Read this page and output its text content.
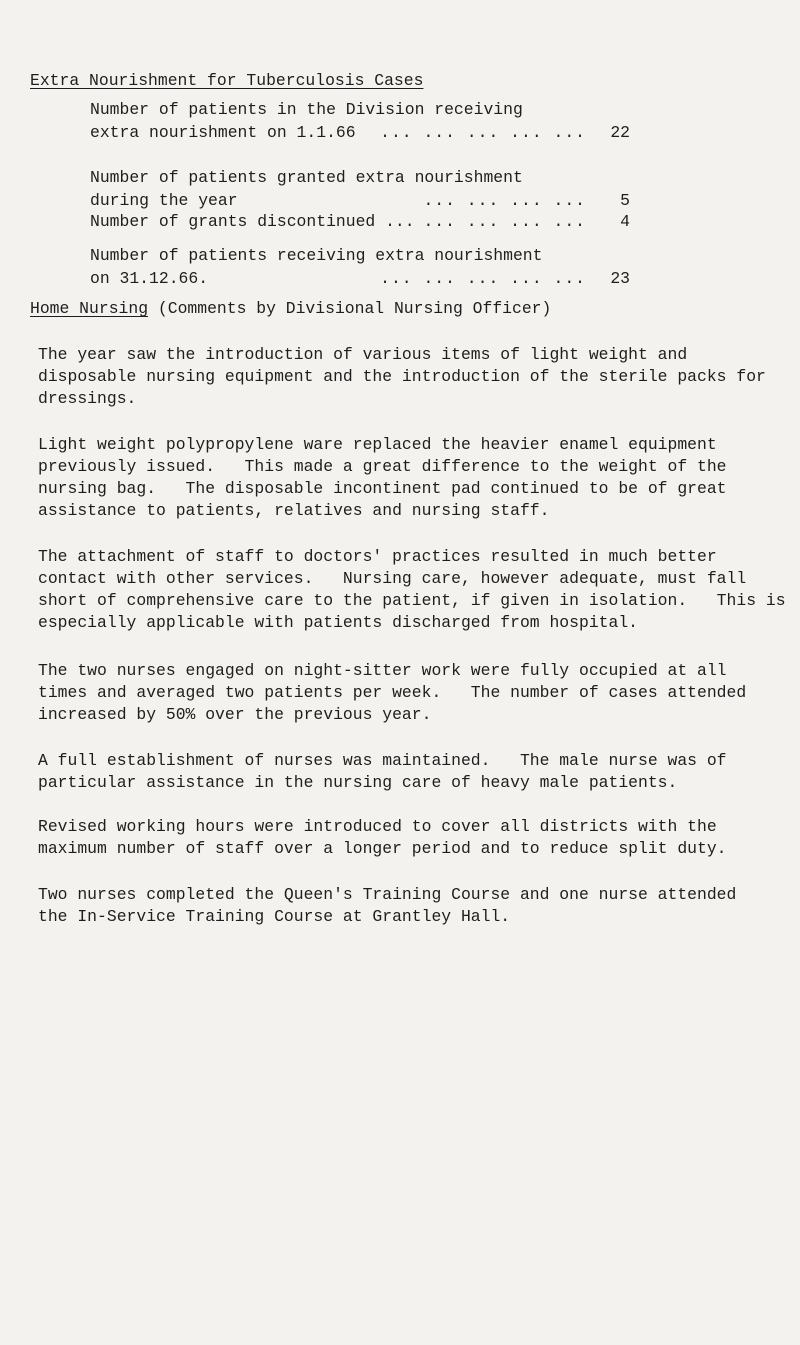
Extra Nourishment for Tuberculosis Cases
Number of patients in the Division receiving
extra nourishment on 1.1.66	... ... ... ... ...	22
Number of patients granted extra nourishment
during the year	... ... ... ...	5
Number of grants discontinued ... ... ... ... ...	4
Number of patients receiving extra nourishment
on 31.12.66.	... ... ... ... ...	23
Home Nursing (Comments by Divisional Nursing Officer)
The year saw the introduction of various items of light weight and
disposable nursing equipment and the introduction of the sterile packs for
dressings.
Light weight polypropylene ware replaced the heavier enamel equipment
previously issued.   This made a great difference to the weight of the
nursing bag.   The disposable incontinent pad continued to be of great
assistance to patients, relatives and nursing staff.
The attachment of staff to doctors' practices resulted in much better
contact with other services.   Nursing care, however adequate, must fall
short of comprehensive care to the patient, if given in isolation.   This is
especially applicable with patients discharged from hospital.
The two nurses engaged on night-sitter work were fully occupied at all
times and averaged two patients per week.   The number of cases attended
increased by 50% over the previous year.
A full establishment of nurses was maintained.   The male nurse was of
particular assistance in the nursing care of heavy male patients.
Revised working hours were introduced to cover all districts with the
maximum number of staff over a longer period and to reduce split duty.
Two nurses completed the Queen's Training Course and one nurse attended
the In-Service Training Course at Grantley Hall.
